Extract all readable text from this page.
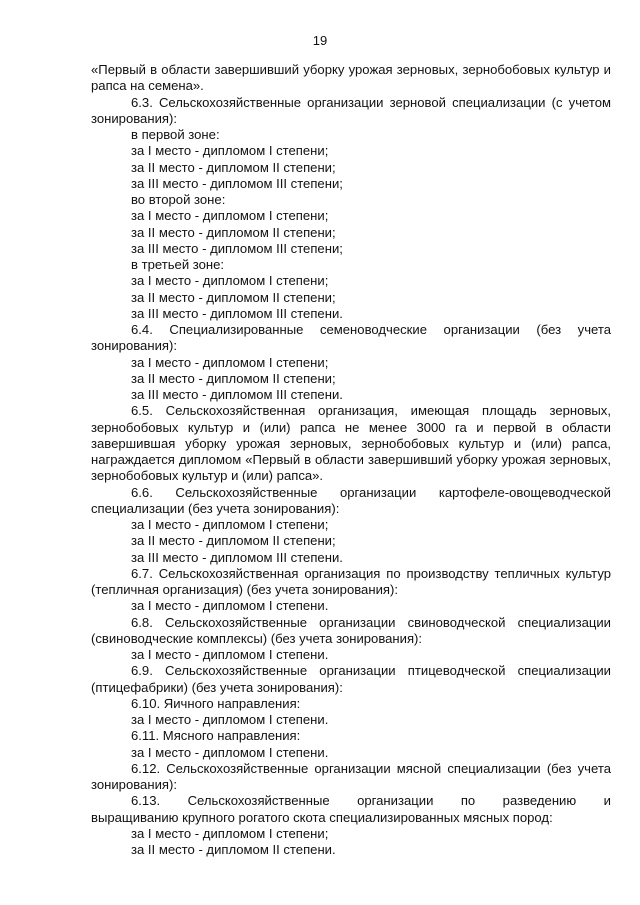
19

«Первый в области завершивший уборку урожая зерновых, зернобобовых культур и рапса на семена».

6.3. Сельскохозяйственные организации зерновой специализации (с учетом зонирования):

в первой зоне:

за I место - дипломом I степени;

за II место - дипломом II степени;

за III место - дипломом III степени;

во второй зоне:

за I место - дипломом I степени;

за II место - дипломом II степени;

за III место - дипломом III степени;

в третьей зоне:

за I место - дипломом I степени;

за II место - дипломом II степени;

за III место - дипломом III степени.

6.4. Специализированные семеноводческие организации (без учета зонирования):

за I место - дипломом I степени;

за II место - дипломом II степени;

за III место - дипломом III степени.

6.5. Сельскохозяйственная организация, имеющая площадь зерновых, зернобобовых культур и (или) рапса не менее 3000 га и первой в области завершившая уборку урожая зерновых, зернобобовых культур и (или) рапса, награждается дипломом «Первый в области завершивший уборку урожая зерновых, зернобобовых культур и (или) рапса».

6.6. Сельскохозяйственные организации картофеле-овощеводческой специализации (без учета зонирования):

за I место - дипломом I степени;

за II место - дипломом II степени;

за III место - дипломом III степени.

6.7. Сельскохозяйственная организация по производству тепличных культур (тепличная организация) (без учета зонирования):

за I место - дипломом I степени.

6.8. Сельскохозяйственные организации свиноводческой специализации (свиноводческие комплексы) (без учета зонирования):

за I место - дипломом I степени.

6.9. Сельскохозяйственные организации птицеводческой специализации (птицефабрики) (без учета зонирования):

6.10. Яичного направления:

за I место - дипломом I степени.

6.11. Мясного направления:

за I место - дипломом I степени.

6.12. Сельскохозяйственные организации мясной специализации (без учета зонирования):

6.13. Сельскохозяйственные организации по разведению и

выращиванию крупного рогатого скота специализированных мясных пород:

за I место - дипломом I степени;

за II место - дипломом II степени.
